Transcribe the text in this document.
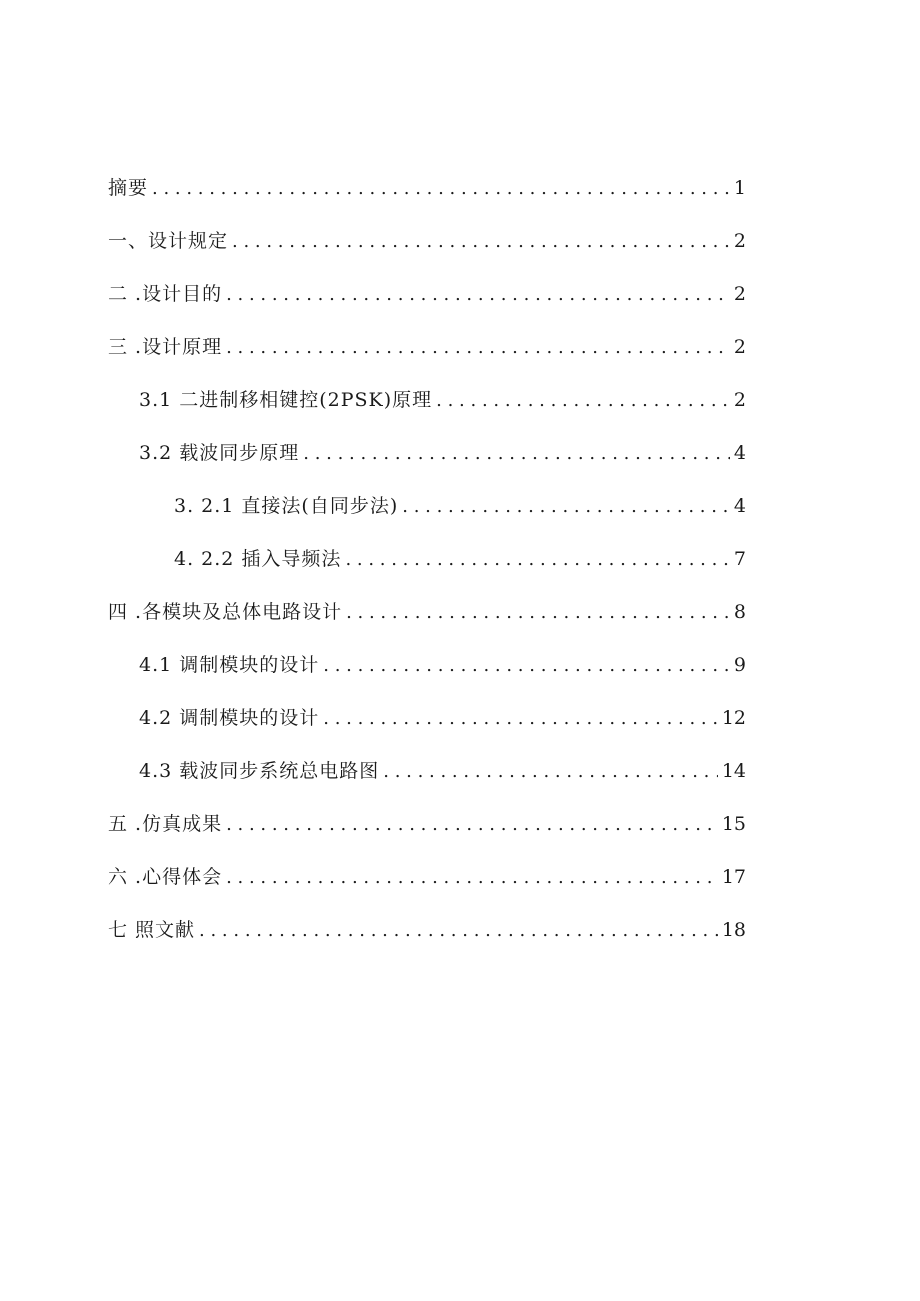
摘要 . . .	1
一、设计规定 . . .	2
二 .设计目的 . . .	2
三 .设计原理 . . .	2
3.1 二进制移相键控(2PSK)原理 . . .	2
3.2 载波同步原理 . . .	4
3. 2.1 直接法(自同步法) . . .	4
4. 2.2 插入导频法 . . .	7
四 .各模块及总体电路设计 . . .	8
4.1 调制模块的设计 . . .	9
4.2 调制模块的设计 . . .	12
4.3 载波同步系统总电路图 . . .	14
五 .仿真成果 . . .	15
六 .心得体会 . . .	17
七 照文献 . . .	18
